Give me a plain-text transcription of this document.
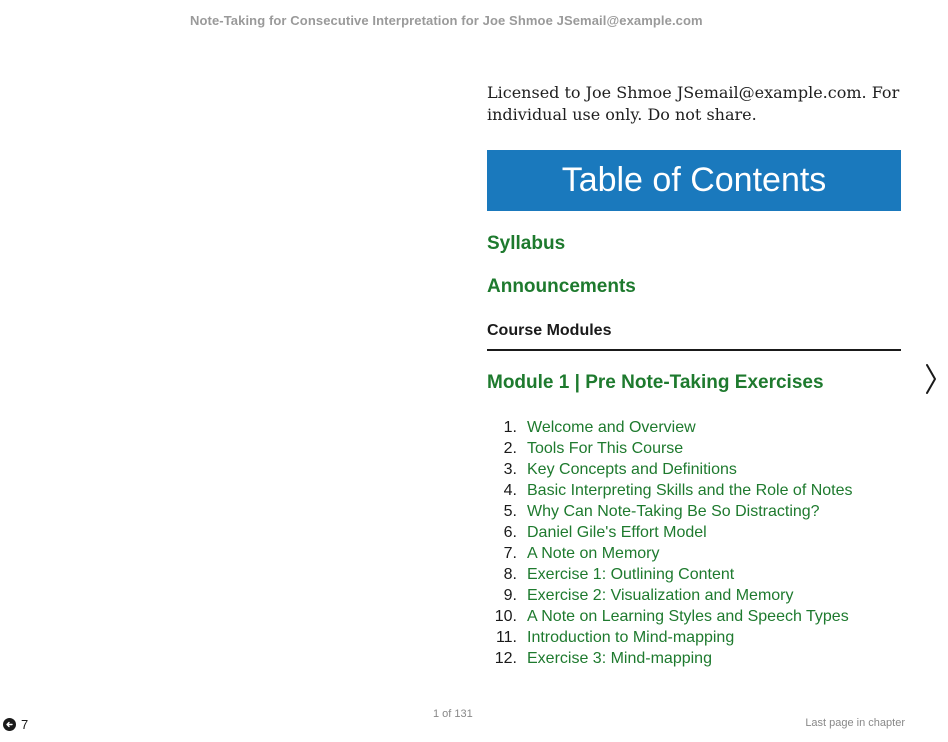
Note-Taking for Consecutive Interpretation for Joe Shmoe JSemail@example.com

Licensed to Joe Shmoe JSemail@example.com. For individual use only. Do not share.

Table of Contents
Syllabus
Announcements
Course Modules
Module 1 | Pre Note-Taking Exercises
1. Welcome and Overview
2. Tools For This Course
3. Key Concepts and Definitions
4. Basic Interpreting Skills and the Role of Notes
5. Why Can Note-Taking Be So Distracting?
6. Daniel Gile's Effort Model
7. A Note on Memory
8. Exercise 1: Outlining Content
9. Exercise 2: Visualization and Memory
10. A Note on Learning Styles and Speech Types
11. Introduction to Mind-mapping
12. Exercise 3: Mind-mapping
1 of 131
7	Last page in chapter
